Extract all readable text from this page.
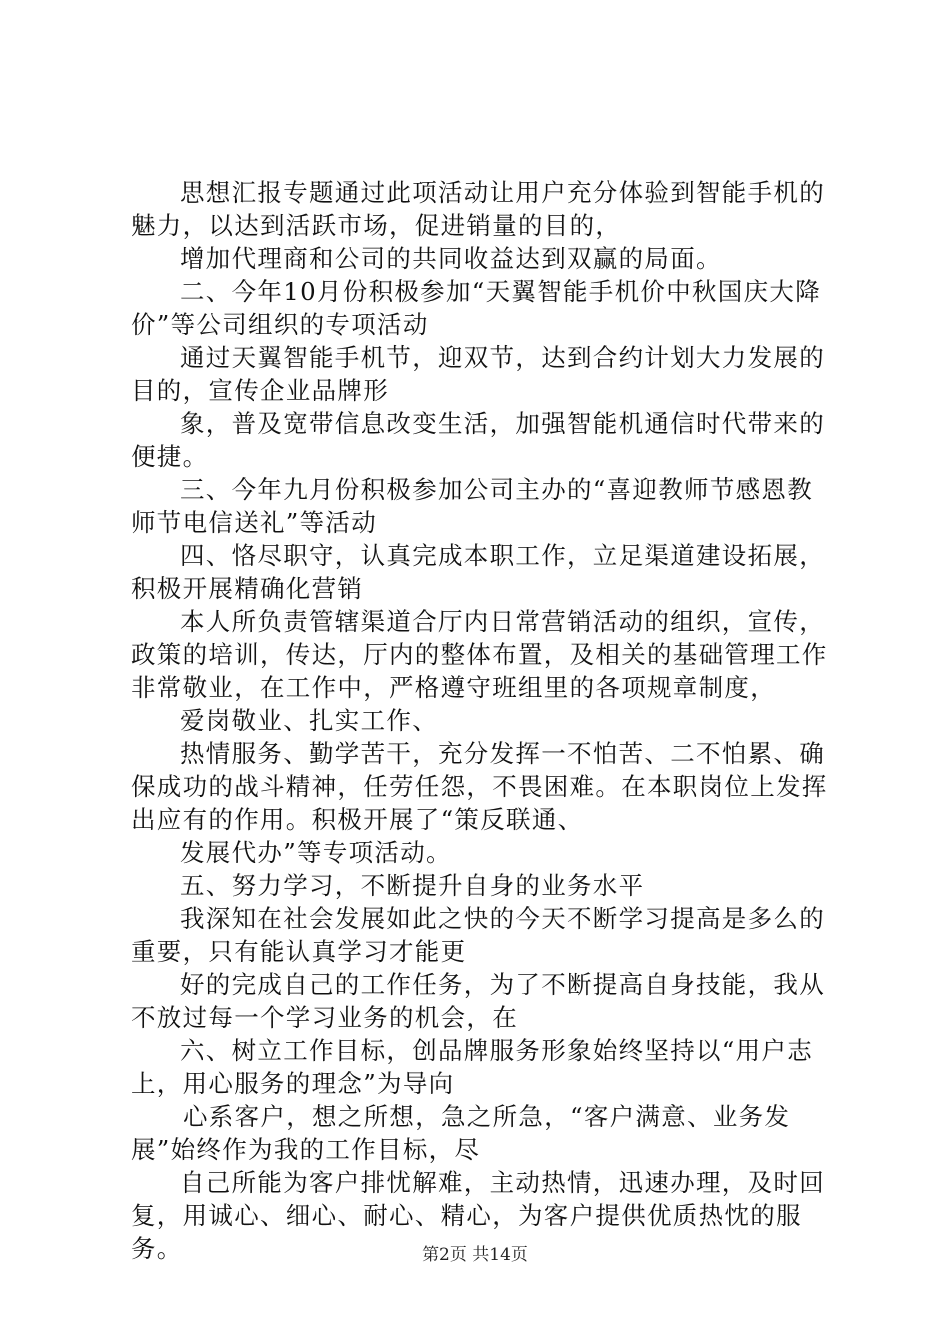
思想汇报专题通过此项活动让用户充分体验到智能手机的魅力，以达到活跃市场，促进销量的目的，

增加代理商和公司的共同收益达到双赢的局面。

二、今年10月份积极参加“天翼智能手机价中秋国庆大降价”等公司组织的专项活动

通过天翼智能手机节，迎双节，达到合约计划大力发展的目的，宣传企业品牌形

象，普及宽带信息改变生活，加强智能机通信时代带来的便捷。

三、今年九月份积极参加公司主办的“喜迎教师节感恩教师节电信送礼”等活动

四、恪尽职守，认真完成本职工作，立足渠道建设拓展，积极开展精确化营销

本人所负责管辖渠道合厅内日常营销活动的组织，宣传，政策的培训，传达，厅内的整体布置，及相关的基础管理工作非常敬业，在工作中，严格遵守班组里的各项规章制度，

爱岗敬业、扎实工作、

热情服务、勤学苦干，充分发挥一不怕苦、二不怕累、确保成功的战斗精神，任劳任怨，不畏困难。在本职岗位上发挥出应有的作用。积极开展了“策反联通、

发展代办”等专项活动。

五、努力学习，不断提升自身的业务水平

我深知在社会发展如此之快的今天不断学习提高是多么的重要，只有能认真学习才能更

好的完成自己的工作任务，为了不断提高自身技能，我从不放过每一个学习业务的机会，在

六、树立工作目标，创品牌服务形象始终坚持以“用户志上，用心服务的理念”为导向

心系客户，想之所想，急之所急，“客户满意、业务发展”始终作为我的工作目标，尽

自己所能为客户排忧解难，主动热情，迅速办理，及时回复，用诚心、细心、耐心、精心，为客户提供优质热忱的服务。	第2页 共14页
